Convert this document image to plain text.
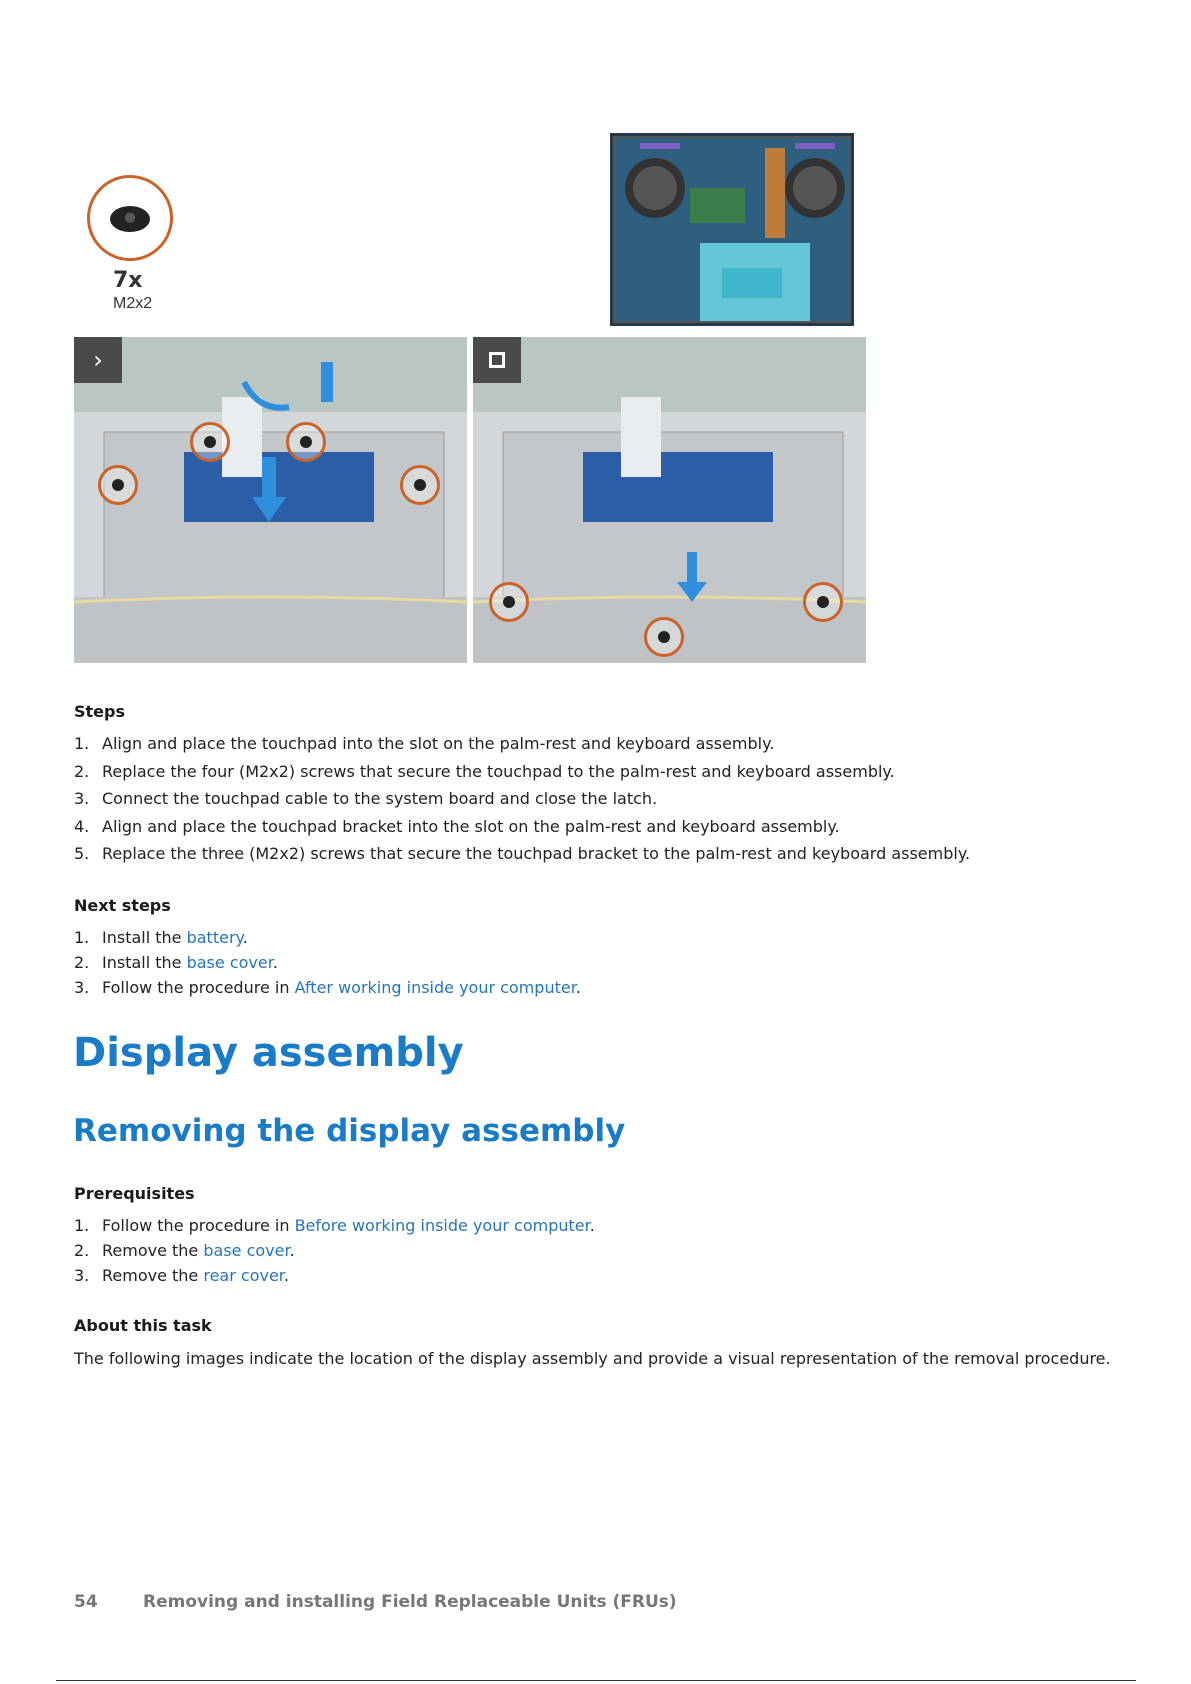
7x
M2x2
›
Steps
1. Align and place the touchpad into the slot on the palm-rest and keyboard assembly.
2. Replace the four (M2x2) screws that secure the touchpad to the palm-rest and keyboard assembly.
3. Connect the touchpad cable to the system board and close the latch.
4. Align and place the touchpad bracket into the slot on the palm-rest and keyboard assembly.
5. Replace the three (M2x2) screws that secure the touchpad bracket to the palm-rest and keyboard assembly.
Next steps
1. Install the battery.
2. Install the base cover.
3. Follow the procedure in After working inside your computer.
Display assembly
Removing the display assembly
Prerequisites
1. Follow the procedure in Before working inside your computer.
2. Remove the base cover.
3. Remove the rear cover.
About this task
The following images indicate the location of the display assembly and provide a visual representation of the removal procedure.
54	Removing and installing Field Replaceable Units (FRUs)
